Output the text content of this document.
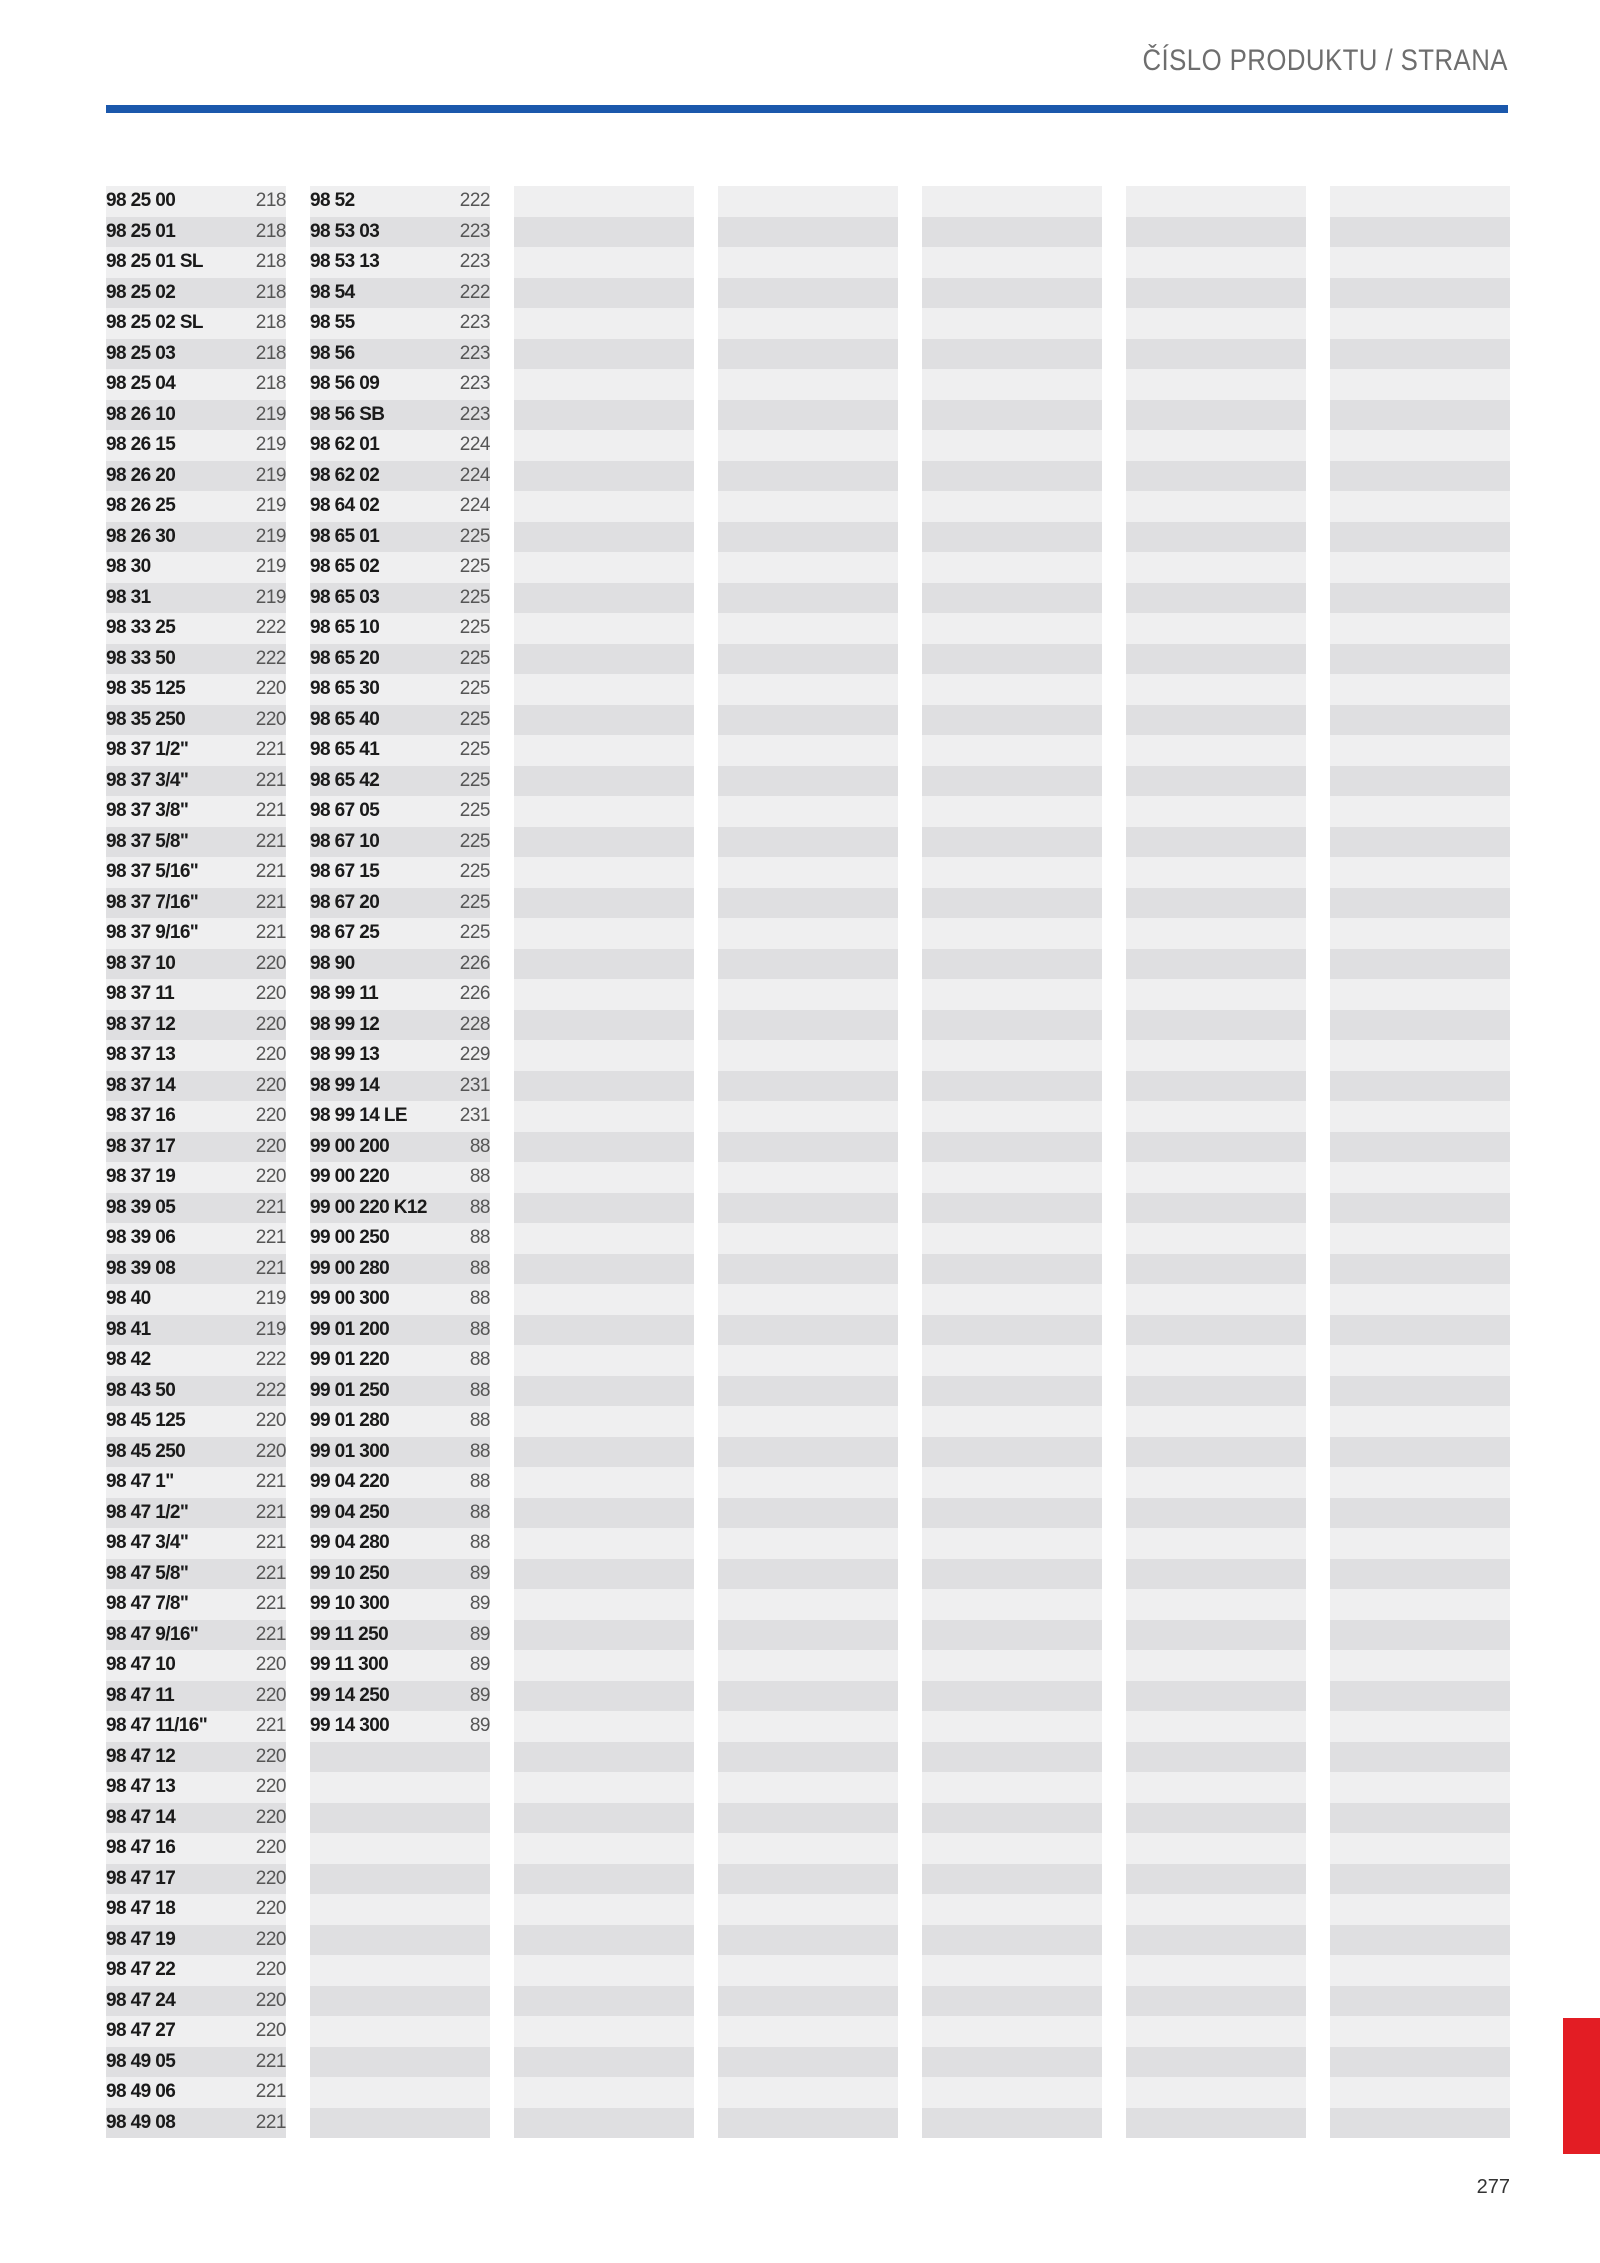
ČÍSLO PRODUKTU / STRANA
98 25 00	218
98 25 01	218
98 25 01 SL	218
98 25 02	218
98 25 02 SL	218
98 25 03	218
98 25 04	218
98 26 10	219
98 26 15	219
98 26 20	219
98 26 25	219
98 26 30	219
98 30	219
98 31	219
98 33 25	222
98 33 50	222
98 35 125	220
98 35 250	220
98 37 1/2"	221
98 37 3/4"	221
98 37 3/8"	221
98 37 5/8"	221
98 37 5/16"	221
98 37 7/16"	221
98 37 9/16"	221
98 37 10	220
98 37 11	220
98 37 12	220
98 37 13	220
98 37 14	220
98 37 16	220
98 37 17	220
98 37 19	220
98 39 05	221
98 39 06	221
98 39 08	221
98 40	219
98 41	219
98 42	222
98 43 50	222
98 45 125	220
98 45 250	220
98 47 1"	221
98 47 1/2"	221
98 47 3/4"	221
98 47 5/8"	221
98 47 7/8"	221
98 47 9/16"	221
98 47 10	220
98 47 11	220
98 47 11/16"	221
98 47 12	220
98 47 13	220
98 47 14	220
98 47 16	220
98 47 17	220
98 47 18	220
98 47 19	220
98 47 22	220
98 47 24	220
98 47 27	220
98 49 05	221
98 49 06	221
98 49 08	221
98 52	222
98 53 03	223
98 53 13	223
98 54	222
98 55	223
98 56	223
98 56 09	223
98 56 SB	223
98 62 01	224
98 62 02	224
98 64 02	224
98 65 01	225
98 65 02	225
98 65 03	225
98 65 10	225
98 65 20	225
98 65 30	225
98 65 40	225
98 65 41	225
98 65 42	225
98 67 05	225
98 67 10	225
98 67 15	225
98 67 20	225
98 67 25	225
98 90	226
98 99 11	226
98 99 12	228
98 99 13	229
98 99 14	231
98 99 14 LE	231
99 00 200	88
99 00 220	88
99 00 220 K12 88
99 00 250	88
99 00 280	88
99 00 300	88
99 01 200	88
99 01 220	88
99 01 250	88
99 01 280	88
99 01 300	88
99 04 220	88
99 04 250	88
99 04 280	88
99 10 250	89
99 10 300	89
99 11 250	89
99 11 300	89
99 14 250	89
99 14 300	89
277
